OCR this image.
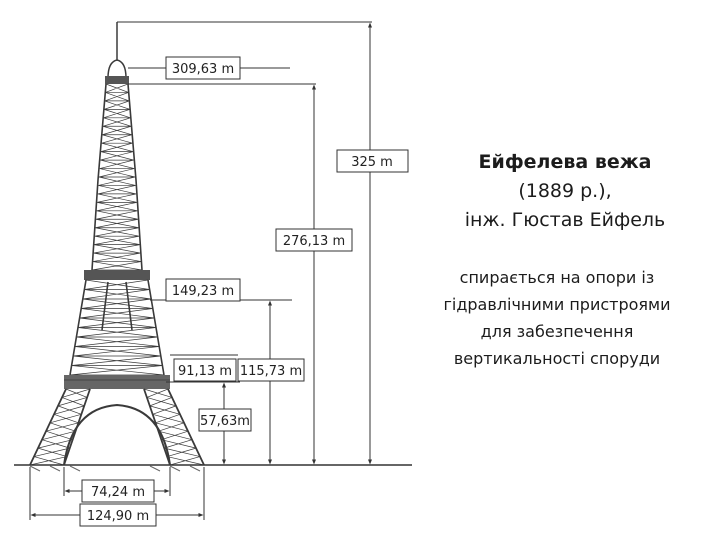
325 m
309,63 m
276,13 m
149,23 m
115,73 m
91,13 m
57,63m
74,24 m
124,90 m
Ейфелева вежа
(1889 р.),
інж. Гюстав Ейфель
спирається на опори із
гідравлічними пристроями
для забезпечення
вертикальності споруди
